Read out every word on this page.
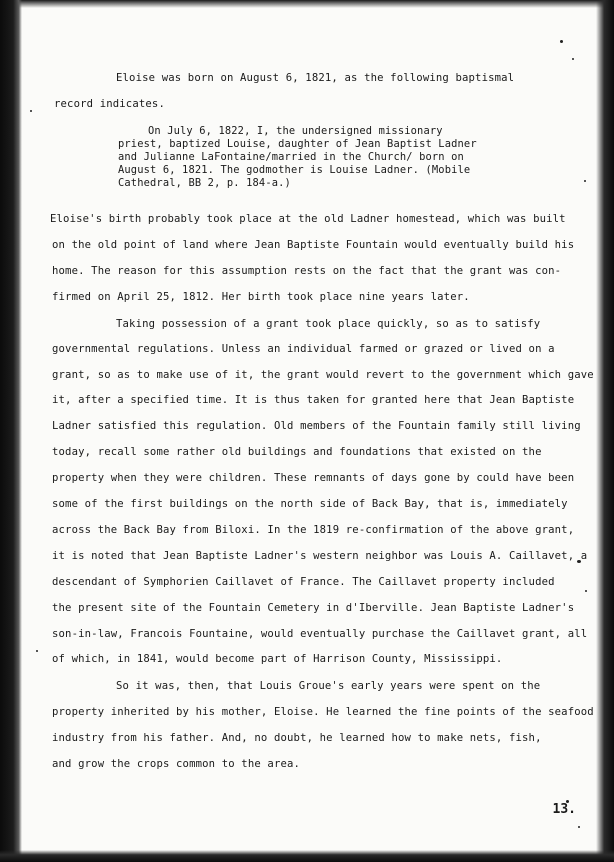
Eloise was born on August 6, 1821, as the following baptismal
record indicates.
On July 6, 1822, I, the undersigned missionary
priest, baptized Louise, daughter of Jean Baptist Ladner
and Julianne LaFontaine/married in the Church/ born on
August 6, 1821. The godmother is Louise Ladner. (Mobile
Cathedral, BB 2, p. 184-a.)
Eloise's birth probably took place at the old Ladner homestead, which was built
on the old point of land where Jean Baptiste Fountain would eventually build his
home. The reason for this assumption rests on the fact that the grant was con-
firmed on April 25, 1812. Her birth took place nine years later.
Taking possession of a grant took place quickly, so as to satisfy
governmental regulations. Unless an individual farmed or grazed or lived on a
grant, so as to make use of it, the grant would revert to the government which gave
it, after a specified time. It is thus taken for granted here that Jean Baptiste
Ladner satisfied this regulation. Old members of the Fountain family still living
today, recall some rather old buildings and foundations that existed on the
property when they were children. These remnants of days gone by could have been
some of the first buildings on the north side of Back Bay, that is, immediately
across the Back Bay from Biloxi. In the 1819 re-confirmation of the above grant,
it is noted that Jean Baptiste Ladner's western neighbor was Louis A. Caillavet, a
descendant of Symphorien Caillavet of France. The Caillavet property included
the present site of the Fountain Cemetery in d'Iberville. Jean Baptiste Ladner's
son-in-law, Francois Fountaine, would eventually purchase the Caillavet grant, all
of which, in 1841, would become part of Harrison County, Mississippi.
So it was, then, that Louis Groue's early years were spent on the
property inherited by his mother, Eloise. He learned the fine points of the seafood
industry from his father. And, no doubt, he learned how to make nets, fish,
and grow the crops common to the area.
13.
